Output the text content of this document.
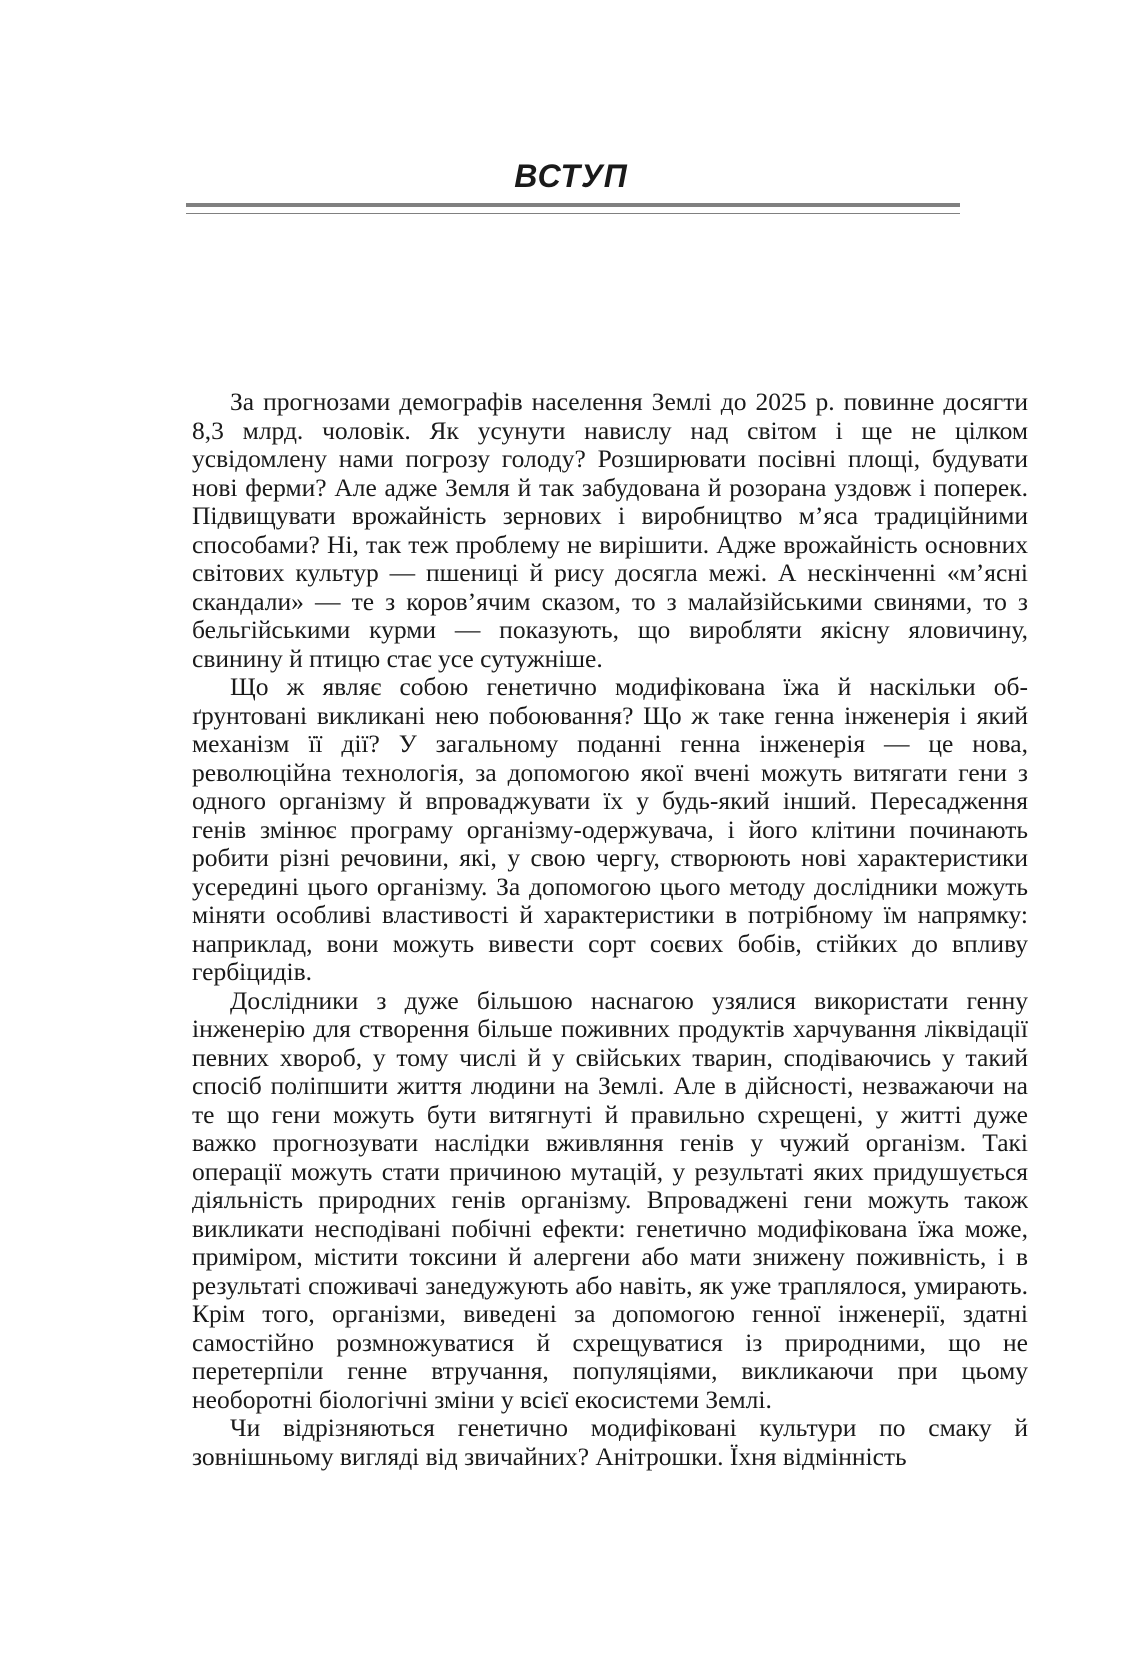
ВСТУП

За прогнозами демографів населення Землі до 2025 р. повинне досягти 8,3 млрд. чоловік. Як усунути навислу над світом і ще не цілком усвідомлену нами погрозу голоду? Розширювати посівні площі, будувати нові ферми? Але адже Земля й так забудована й розорана уздовж і поперек. Підвищувати врожайність зернових і виробництво м’яса традиційними способами? Ні, так теж проблему не вирішити. Адже врожайність основних світових культур — пшениці й рису досягла межі. А нескінченні «м’ясні скандали» — те з коров’ячим сказом, то з малайзійськими свинями, то з бельгійськими курми — показують, що виробляти якісну яловичину, свинину й птицю стає усе сутужніше.

Що ж являє собою генетично модифікована їжа й наскільки обґрунтовані викликані нею побоювання? Що ж таке генна інженерія і який механізм її дії? У загальному поданні генна інженерія — це нова, революційна технологія, за допомогою якої вчені можуть витягати гени з одного організму й впроваджувати їх у будь-який інший. Пересадження генів змінює програму організму-одержувача, і його клітини починають робити різні речовини, які, у свою чергу, створюють нові характеристики усередині цього організму. За допомогою цього методу дослідники можуть міняти особливі властивості й характеристики в потрібному їм напрямку: наприклад, вони можуть вивести сорт соєвих бобів, стійких до впливу гербіцидів.

Дослідники з дуже більшою наснагою узялися використати генну інженерію для створення більше поживних продуктів харчування ліквідації певних хвороб, у тому числі й у свійських тварин, сподіваючись у такий спосіб поліпшити життя людини на Землі. Але в дійсності, незважаючи на те що гени можуть бути витягнуті й правильно схрещені, у житті дуже важко прогнозувати наслідки вживляння генів у чужий організм. Такі операції можуть стати причиною мутацій, у результаті яких придушується діяльність природних генів організму. Впроваджені гени можуть також викликати несподівані побічні ефекти: генетично модифікована їжа може, приміром, містити токсини й алергени або мати знижену поживність, і в результаті споживачі занедужують або навіть, як уже траплялося, умирають. Крім того, організми, виведені за допомогою генної інженерії, здатні самостійно розмножуватися й схрещуватися із природними, що не перетерпіли генне втручання, популяціями, викликаючи при цьому необоротні біологічні зміни у всієї екосистеми Землі.

Чи відрізняються генетично модифіковані культури по смаку й зовнішньому вигляді від звичайних? Анітрошки. Їхня відмінність
